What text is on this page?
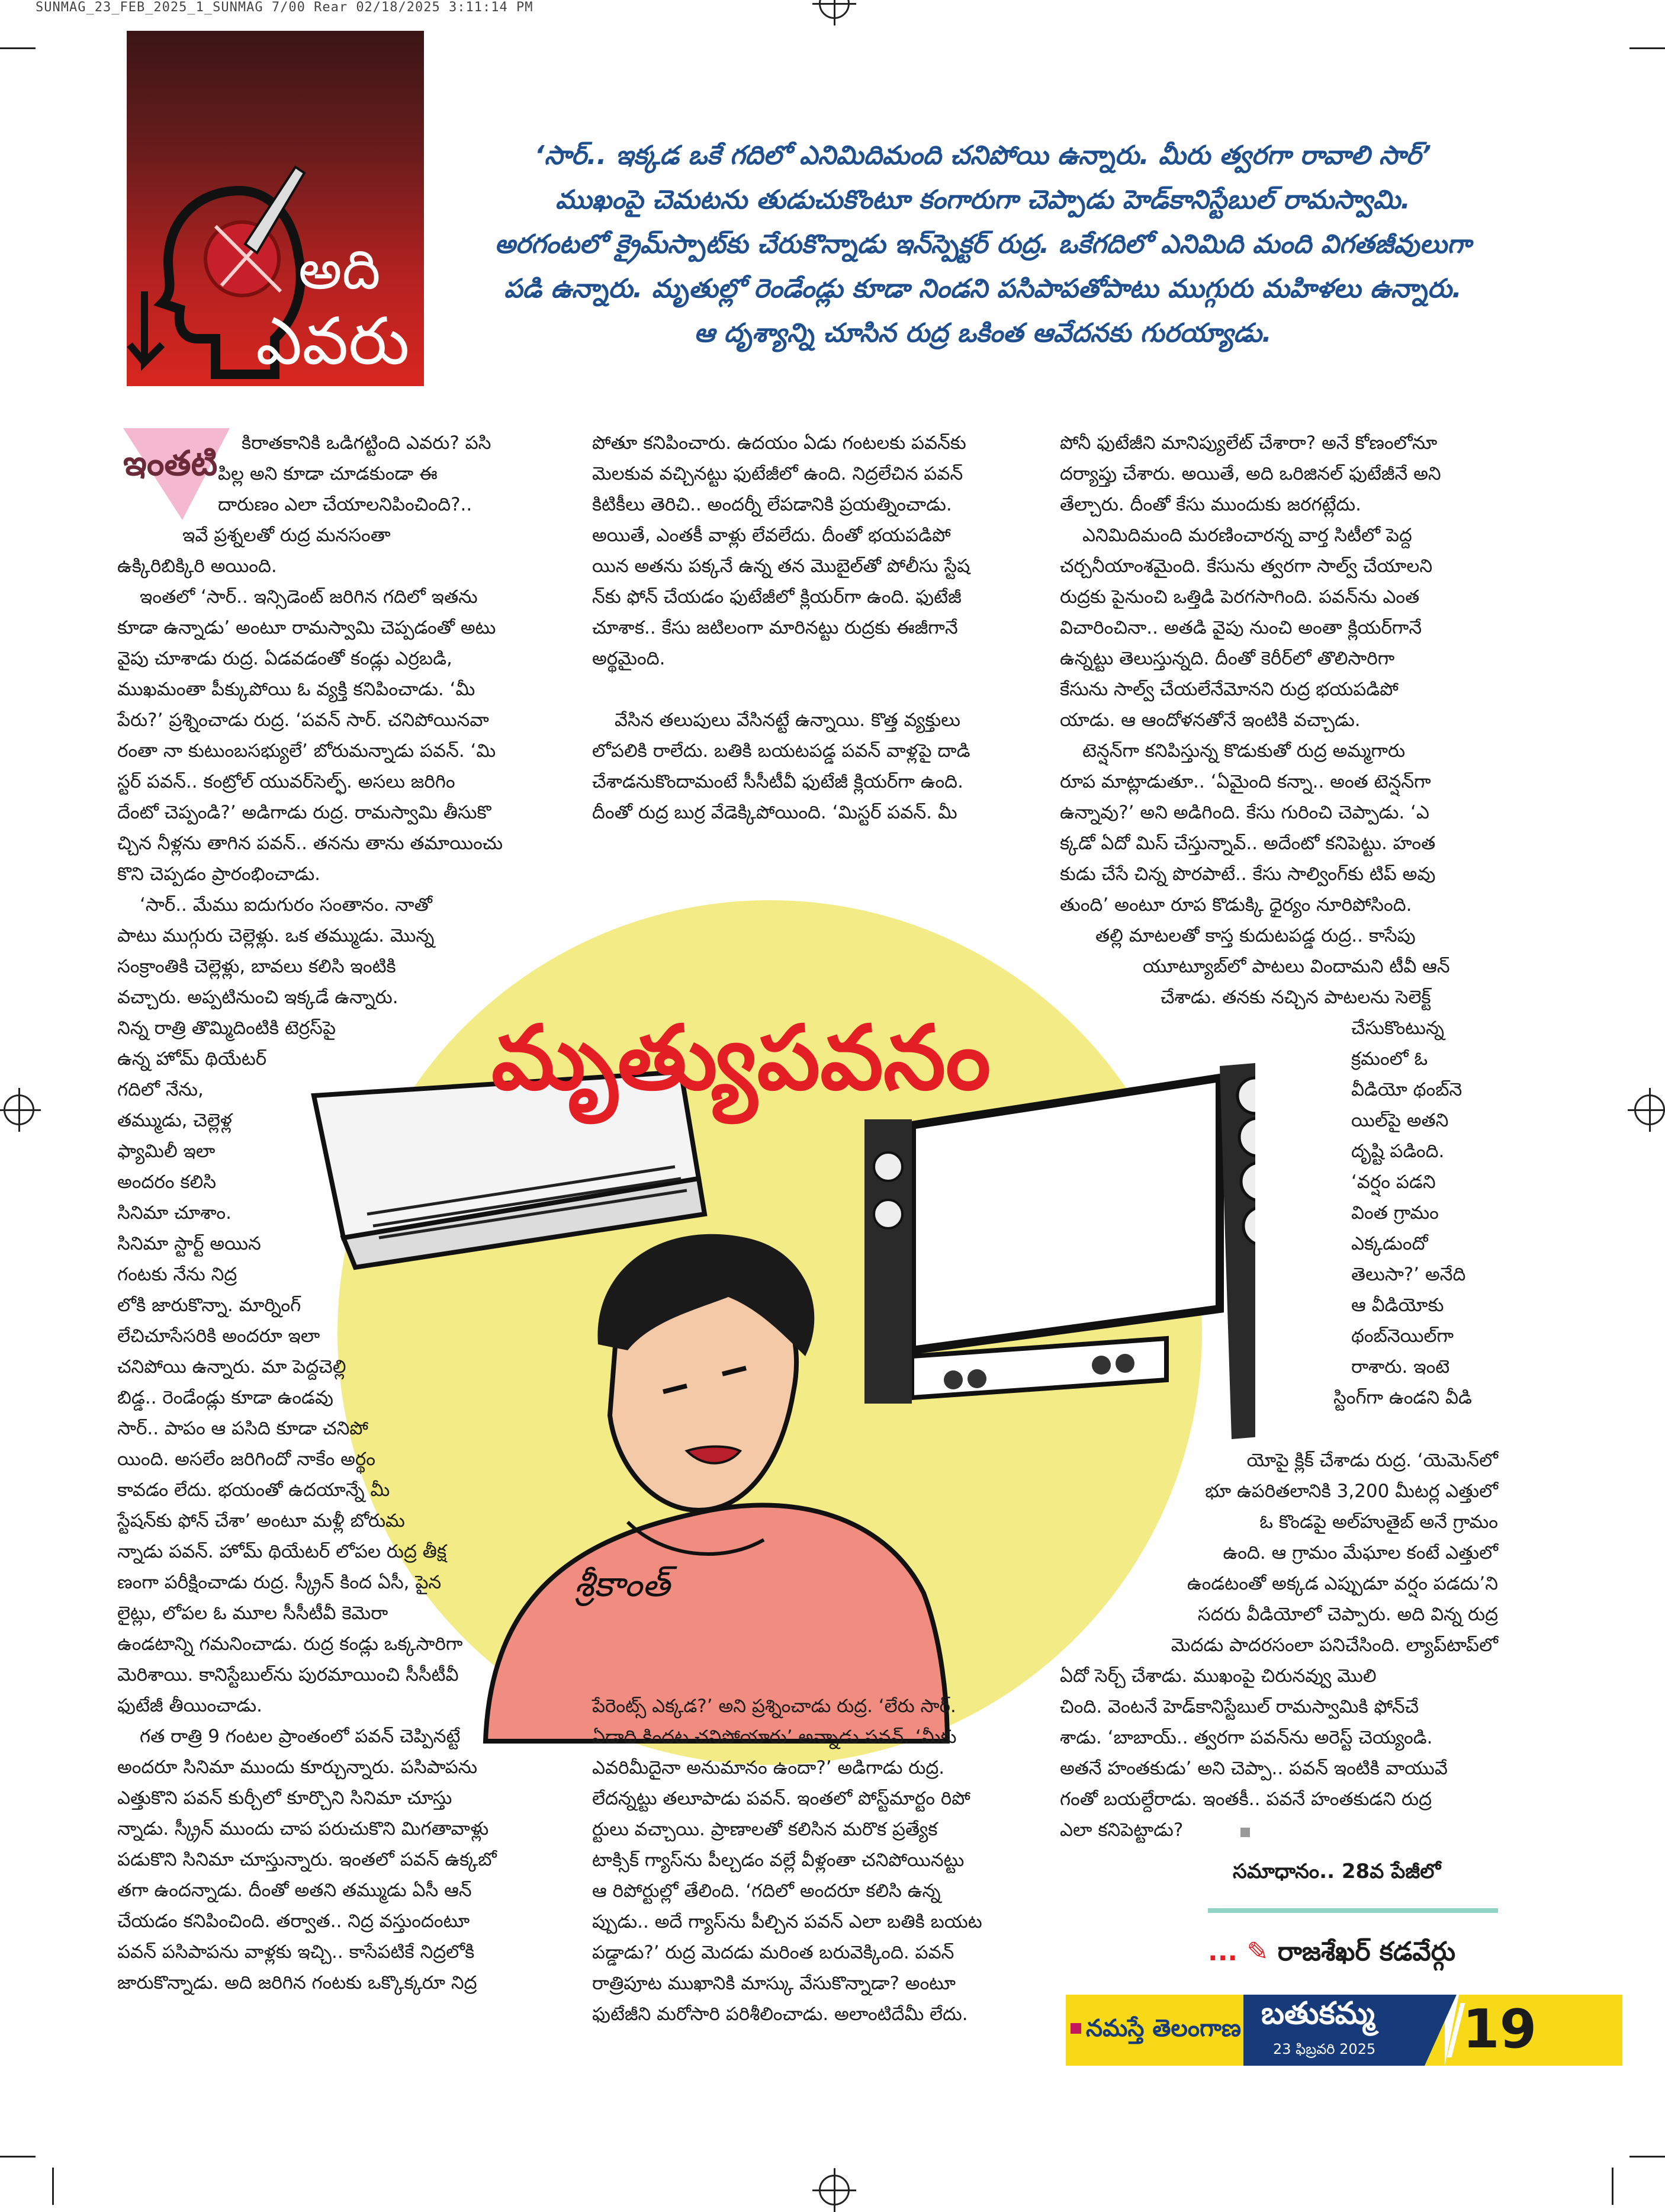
SUNMAG_23_FEB_2025_1_SUNMAG 7/00 Rear 02/18/2025 3:11:14 PM
అది
ఎవరు

‘సార్.. ఇక్కడ ఒకే గదిలో ఎనిమిదిమంది చనిపోయి ఉన్నారు. మీరు త్వరగా రావాలి సార్’

ముఖంపై చెమటను తుడుచుకొంటూ కంగారుగా చెప్పాడు హెడ్‌కానిస్టేబుల్ రామస్వామి.

అరగంటలో క్రైమ్‌స్పాట్‌కు చేరుకొన్నాడు ఇన్‌స్పెక్టర్ రుద్ర. ఒకేగదిలో ఎనిమిది మంది విగతజీవులుగా

పడి ఉన్నారు. మృతుల్లో రెండేండ్లు కూడా నిండని పసిపాపతోపాటు ముగ్గురు మహిళలు ఉన్నారు.

ఆ దృశ్యాన్ని చూసిన రుద్ర ఒకింత ఆవేదనకు గురయ్యాడు.

ఇంతటి
మృత్యుపవనం
శ్రీకాంత్

కిరాతకానికి ఒడిగట్టింది ఎవరు? పసి

పిల్ల అని కూడా చూడకుండా ఈ

దారుణం ఎలా చేయాలనిపించింది?..

ఇవే ప్రశ్నలతో రుద్ర మనసంతా

ఉక్కిరిబిక్కిరి అయింది.

ఇంతలో ‘సార్.. ఇన్సిడెంట్ జరిగిన గదిలో ఇతను

కూడా ఉన్నాడు’ అంటూ రామస్వామి చెప్పడంతో అటు

వైపు చూశాడు రుద్ర. ఏడవడంతో కండ్లు ఎర్రబడి,

ముఖమంతా పీక్కుపోయి ఓ వ్యక్తి కనిపించాడు. ‘మీ

పేరు?’ ప్రశ్నించాడు రుద్ర. ‘పవన్ సార్. చనిపోయినవా

రంతా నా కుటుంబసభ్యులే’ బోరుమన్నాడు పవన్. ‘మి

స్టర్ పవన్.. కంట్రోల్ యువర్‌సెల్ఫ్. అసలు జరిగిం

దేంటో చెప్పండి?’ అడిగాడు రుద్ర. రామస్వామి తీసుకొ

చ్చిన నీళ్లను తాగిన పవన్.. తనను తాను తమాయించు

కొని చెప్పడం ప్రారంభించాడు.

‘సార్.. మేము ఐదుగురం సంతానం. నాతో

పాటు ముగ్గురు చెల్లెళ్లు. ఒక తమ్ముడు. మొన్న

సంక్రాంతికి చెల్లెళ్లు, బావలు కలిసి ఇంటికి

వచ్చారు. అప్పటినుంచి ఇక్కడే ఉన్నారు.

నిన్న రాత్రి తొమ్మిదింటికి టెర్రస్‌పై

ఉన్న హోమ్ థియేటర్

గదిలో నేను,

తమ్ముడు, చెల్లెళ్ల

ఫ్యామిలీ ఇలా

అందరం కలిసి

సినిమా చూశాం.

సినిమా స్టార్ట్ అయిన

గంటకు నేను నిద్ర

లోకి జారుకొన్నా. మార్నింగ్

లేచిచూసేసరికి అందరూ ఇలా

చనిపోయి ఉన్నారు. మా పెద్దచెల్లి

బిడ్డ.. రెండేండ్లు కూడా ఉండవు

సార్.. పాపం ఆ పసిది కూడా చనిపో

యింది. అసలేం జరిగిందో నాకేం అర్థం

కావడం లేదు. భయంతో ఉదయాన్నే మీ

స్టేషన్‌కు ఫోన్ చేశా’ అంటూ మళ్లీ బోరుమ

న్నాడు పవన్. హోమ్ థియేటర్ లోపల రుద్ర తీక్ష

ణంగా పరీక్షించాడు రుద్ర. స్క్రీన్ కింద ఏసీ, పైన

లైట్లు, లోపల ఓ మూల సీసీటీవీ కెమెరా

ఉండటాన్ని గమనించాడు. రుద్ర కండ్లు ఒక్కసారిగా

మెరిశాయి. కానిస్టేబుల్‌ను పురమాయించి సీసీటీవీ

ఫుటేజీ తీయించాడు.

గత రాత్రి 9 గంటల ప్రాంతంలో పవన్ చెప్పినట్టే

అందరూ సినిమా ముందు కూర్చున్నారు. పసిపాపను

ఎత్తుకొని పవన్ కుర్చీలో కూర్చొని సినిమా చూస్తు

న్నాడు. స్క్రీన్ ముందు చాప పరుచుకొని మిగతావాళ్లు

పడుకొని సినిమా చూస్తున్నారు. ఇంతలో పవన్ ఉక్కబో

తగా ఉందన్నాడు. దీంతో అతని తమ్ముడు ఏసీ ఆన్

చేయడం కనిపించింది. తర్వాత.. నిద్ర వస్తుందంటూ

పవన్ పసిపాపను వాళ్లకు ఇచ్చి.. కాసేపటికే నిద్రలోకి

జారుకొన్నాడు. అది జరిగిన గంటకు ఒక్కొక్కరూ నిద్ర

పోతూ కనిపించారు. ఉదయం ఏడు గంటలకు పవన్‌కు

మెలకువ వచ్చినట్టు ఫుటేజీలో ఉంది. నిద్రలేచిన పవన్

కిటికీలు తెరిచి.. అందర్నీ లేపడానికి ప్రయత్నించాడు.

అయితే, ఎంతకీ వాళ్లు లేవలేదు. దీంతో భయపడిపో

యిన అతను పక్కనే ఉన్న తన మొబైల్‌తో పోలీసు స్టేష

న్‌కు ఫోన్ చేయడం ఫుటేజీలో క్లియర్‌గా ఉంది. ఫుటేజీ

చూశాక.. కేసు జటిలంగా మారినట్టు రుద్రకు ఈజీగానే

అర్థమైంది.

వేసిన తలుపులు వేసినట్టే ఉన్నాయి. కొత్త వ్యక్తులు

లోపలికి రాలేదు. బతికి బయటపడ్డ పవన్ వాళ్లపై దాడి

చేశాడనుకొందామంటే సీసీటీవీ ఫుటేజీ క్లియర్‌గా ఉంది.

దీంతో రుద్ర బుర్ర వేడెక్కిపోయింది. ‘మిస్టర్ పవన్. మీ

పేరెంట్స్ ఎక్కడ?’ అని ప్రశ్నించాడు రుద్ర. ‘లేరు సార్.

ఏడాది కిందట చనిపోయారు’ అన్నాడు పవన్. ‘మీకు

ఎవరిమీదైనా అనుమానం ఉందా?’ అడిగాడు రుద్ర.

లేదన్నట్టు తలూపాడు పవన్. ఇంతలో పోస్ట్‌మార్టం రిపో

ర్టులు వచ్చాయి. ప్రాణాలతో కలిసిన మరొక ప్రత్యేక

టాక్సిక్ గ్యాస్‌ను పీల్చడం వల్లే వీళ్లంతా చనిపోయినట్టు

ఆ రిపోర్టుల్లో తేలింది. ‘గదిలో అందరూ కలిసి ఉన్న

ప్పుడు.. అదే గ్యాస్‌ను పీల్చిన పవన్ ఎలా బతికి బయట

పడ్డాడు?’ రుద్ర మెదడు మరింత బరువెక్కింది. పవన్

రాత్రిపూట ముఖానికి మాస్కు వేసుకొన్నాడా? అంటూ

ఫుటేజీని మరోసారి పరిశీలించాడు. అలాంటిదేమీ లేదు.

పోనీ ఫుటేజీని మానిప్యులేట్ చేశారా? అనే కోణంలోనూ

దర్యాప్తు చేశారు. అయితే, అది ఒరిజినల్ ఫుటేజీనే అని

తేల్చారు. దీంతో కేసు ముందుకు జరగట్లేదు.

ఎనిమిదిమంది మరణించారన్న వార్త సిటీలో పెద్ద

చర్చనీయాంశమైంది. కేసును త్వరగా సాల్వ్ చేయాలని

రుద్రకు పైనుంచి ఒత్తిడి పెరగసాగింది. పవన్‌ను ఎంత

విచారించినా.. అతడి వైపు నుంచి అంతా క్లియర్‌గానే

ఉన్నట్టు తెలుస్తున్నది. దీంతో కెరీర్‌లో తొలిసారిగా

కేసును సాల్వ్ చేయలేనేమోనని రుద్ర భయపడిపో

యాడు. ఆ ఆందోళనతోనే ఇంటికి వచ్చాడు.

టెన్షన్‌గా కనిపిస్తున్న కొడుకుతో రుద్ర అమ్మగారు

రూప మాట్లాడుతూ.. ‘ఏమైంది కన్నా.. అంత టెన్షన్‌గా

ఉన్నావు?’ అని అడిగింది. కేసు గురించి చెప్పాడు. ‘ఎ

క్కడో ఏదో మిస్ చేస్తున్నావ్.. అదేంటో కనిపెట్టు. హంత

కుడు చేసే చిన్న పొరపాటే.. కేసు సాల్వింగ్‌కు టిప్ అవు

తుంది’ అంటూ రూప కొడుక్కి ధైర్యం నూరిపోసింది.

తల్లి మాటలతో కాస్త కుదుటపడ్డ రుద్ర.. కాసేపు

యూట్యూబ్‌లో పాటలు విందామని టీవీ ఆన్

చేశాడు. తనకు నచ్చిన పాటలను సెలెక్ట్

చేసుకొంటున్న

క్రమంలో ఓ

వీడియో థంబ్‌నె

యిల్‌పై అతని

దృష్టి పడింది.

‘వర్షం పడని

వింత గ్రామం

ఎక్కడుందో

తెలుసా?’ అనేది

ఆ వీడియోకు

థంబ్‌నెయిల్‌గా

రాశారు. ఇంటె

స్టింగ్‌గా ఉండని వీడి

యోపై క్లిక్ చేశాడు రుద్ర. ‘యెమెన్‌లో

భూ ఉపరితలానికి 3,200 మీటర్ల ఎత్తులో

ఓ కొండపై అల్‌హుతైబ్ అనే గ్రామం

ఉంది. ఆ గ్రామం మేఘాల కంటే ఎత్తులో

ఉండటంతో అక్కడ ఎప్పుడూ వర్షం పడదు’ని

సదరు వీడియోలో చెప్పారు. అది విన్న రుద్ర

మెదడు పాదరసంలా పనిచేసింది. ల్యాప్‌టాప్‌లో

ఏదో సెర్చ్ చేశాడు. ముఖంపై చిరునవ్వు మొలి

చింది. వెంటనే హెడ్‌కానిస్టేబుల్ రామస్వామికి ఫోన్‌చే

శాడు. ‘బాబాయ్.. త్వరగా పవన్‌ను అరెస్ట్ చెయ్యండి.

అతనే హంతకుడు’ అని చెప్పా.. పవన్ ఇంటికి వాయువే

గంతో బయల్దేరాడు. ఇంతకీ.. పవనే హంతకుడని రుద్ర

ఎలా కనిపెట్టాడు?

సమాధానం.. 28వ పేజీలో
... ✎ రాజశేఖర్ కడవేర్గు
నమస్తే తెలంగాణ బతుకమ్మ
23 ఫిబ్రవరి 2025 19
